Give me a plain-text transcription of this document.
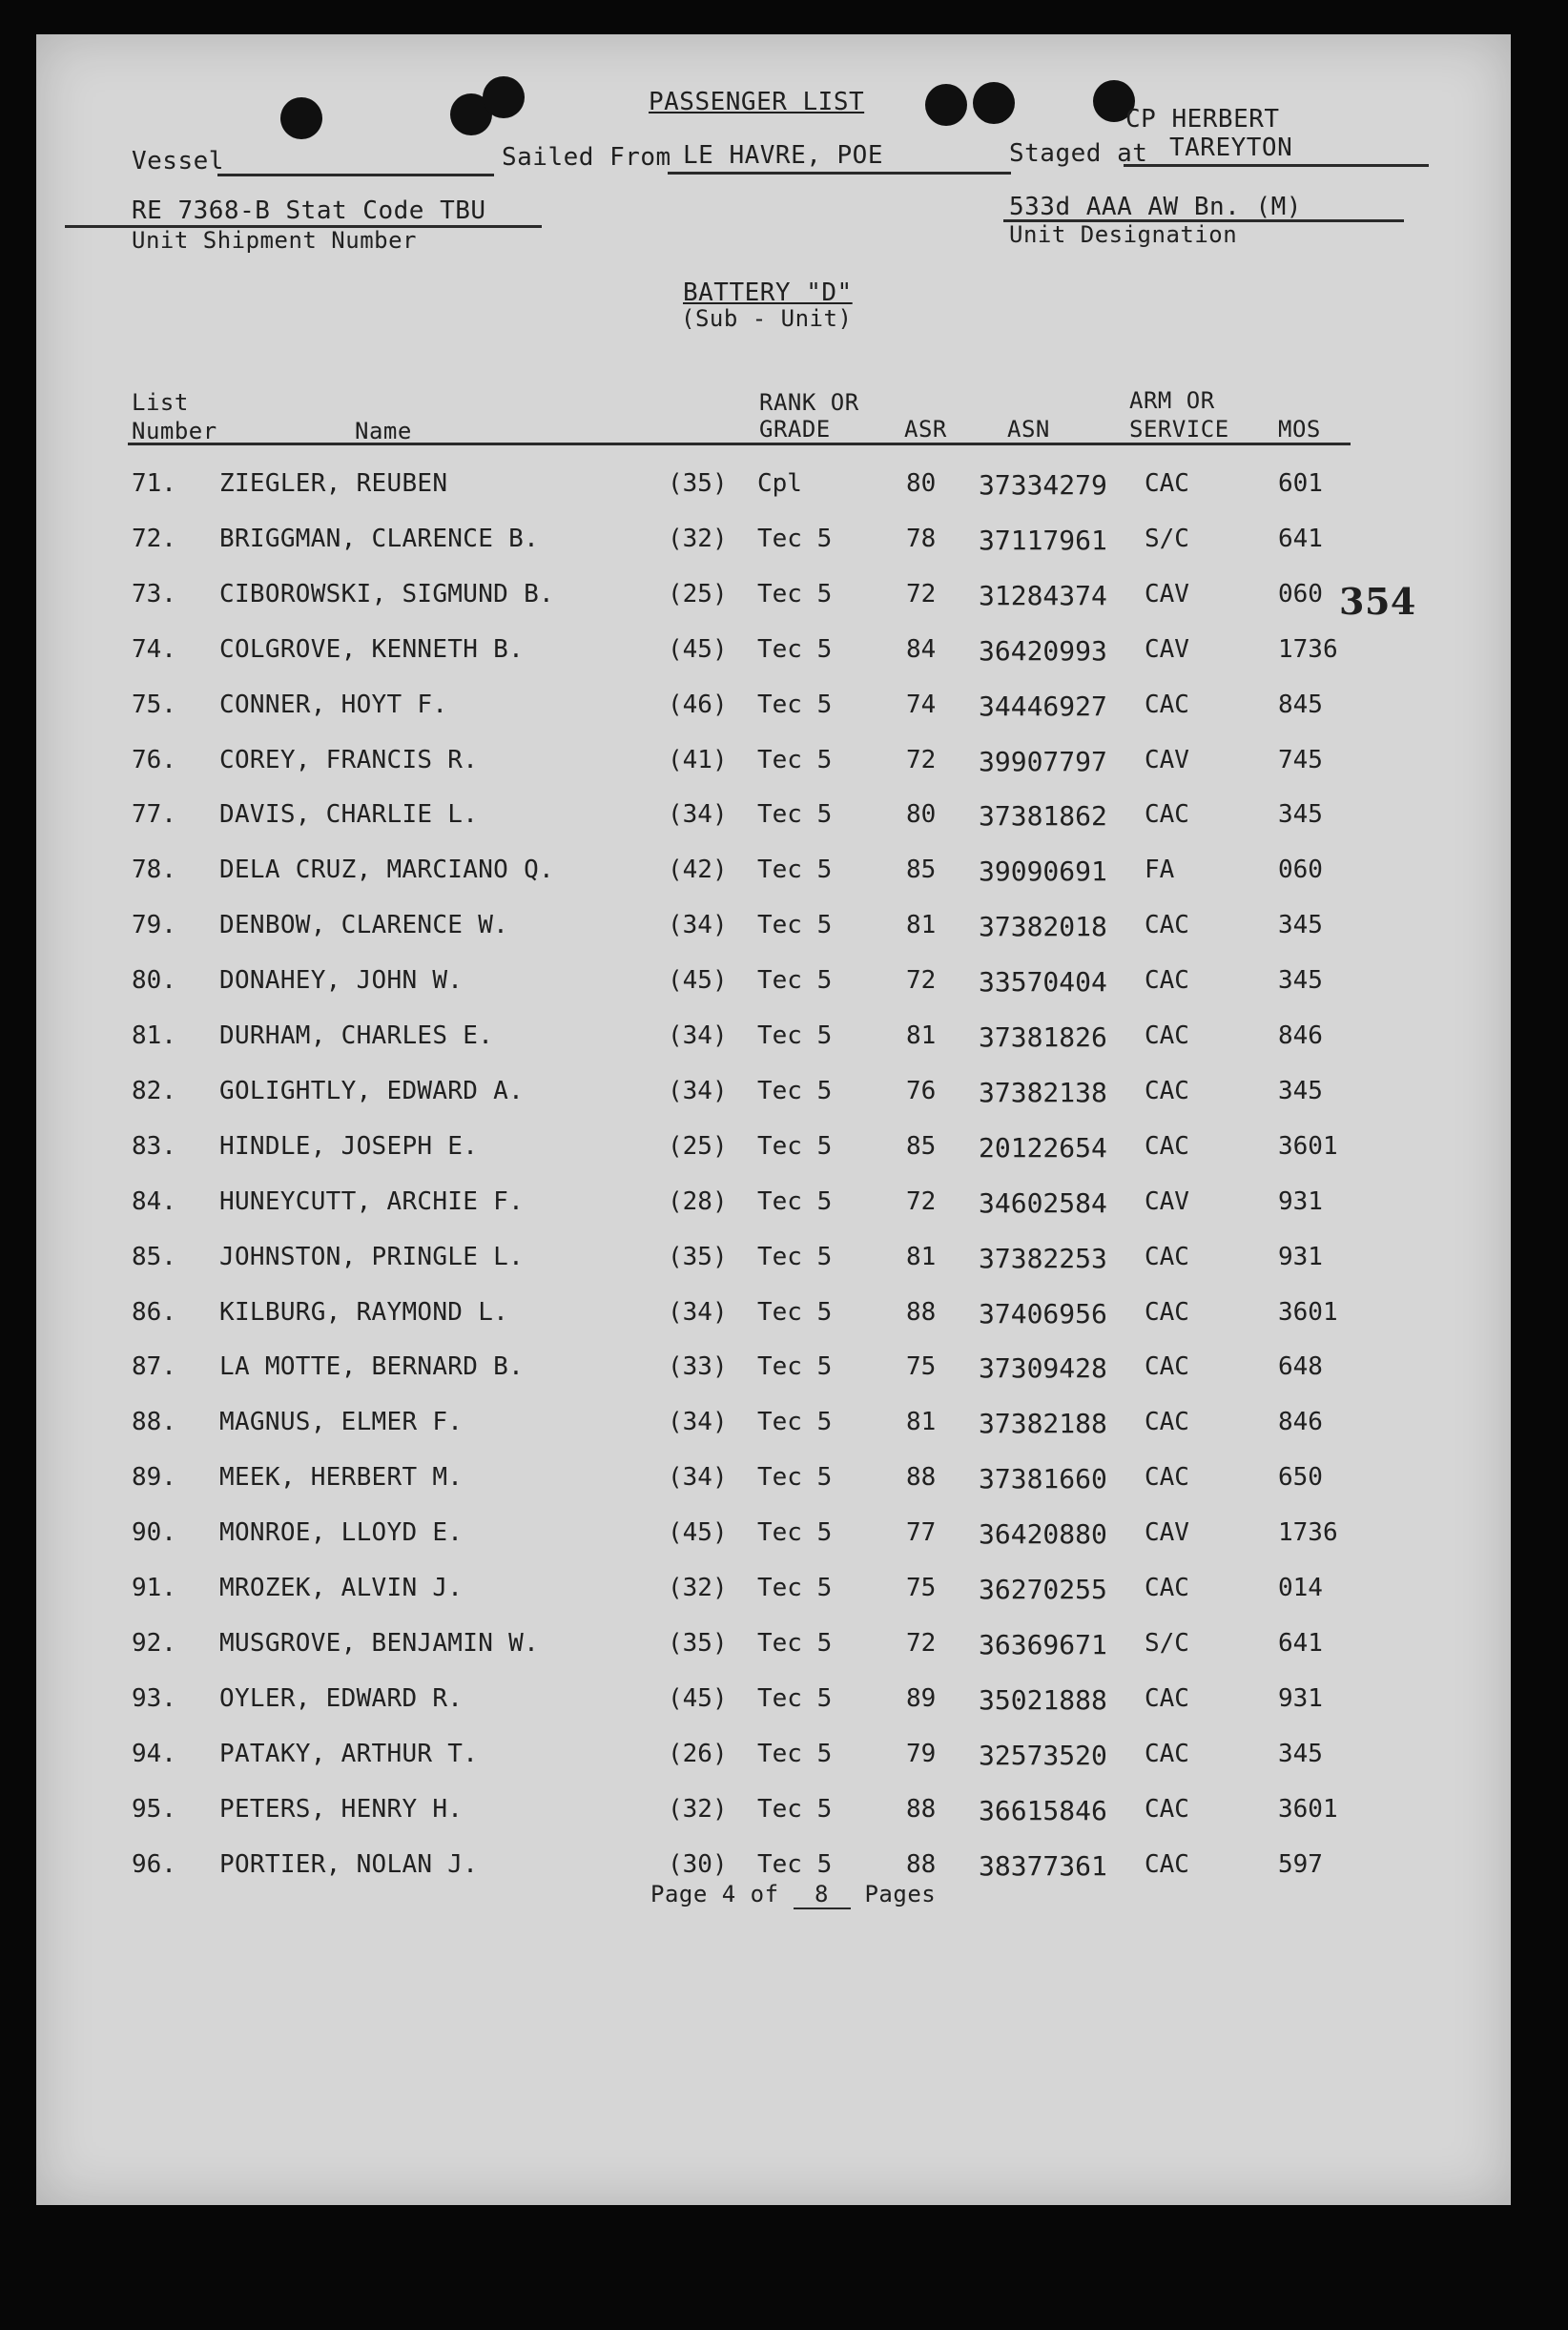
PASSENGER LIST
Vessel	Sailed From LE HAVRE, POE	Staged at
CP HERBERT
TAREYTON
RE 7368-B Stat Code TBU
Unit Shipment Number
533d AAA AW Bn. (M)
Unit Designation
BATTERY "D"
(Sub - Unit)
354
List
Number	Name
RANK OR
GRADE	ASR	ASN
ARM OR
SERVICE MOS
71. ZIEGLER, REUBEN	(35) Cpl	80 37334279 CAC	601
72. BRIGGMAN, CLARENCE B.	(32) Tec 5	78 37117961 S/C	641
73. CIBOROWSKI, SIGMUND B.	(25) Tec 5	72 31284374 CAV	060
74. COLGROVE, KENNETH B.	(45) Tec 5	84 36420993 CAV	1736
75. CONNER, HOYT F.	(46) Tec 5	74 34446927 CAC	845
76. COREY, FRANCIS R.	(41) Tec 5	72 39907797 CAV	745
77. DAVIS, CHARLIE L.	(34) Tec 5	80 37381862 CAC	345
78. DELA CRUZ, MARCIANO Q.	(42) Tec 5	85 39090691 FA	060
79. DENBOW, CLARENCE W.	(34) Tec 5	81 37382018 CAC	345
80. DONAHEY, JOHN W.	(45) Tec 5	72 33570404 CAC	345
81. DURHAM, CHARLES E.	(34) Tec 5	81 37381826 CAC	846
82. GOLIGHTLY, EDWARD A.	(34) Tec 5	76 37382138 CAC	345
83. HINDLE, JOSEPH E.	(25) Tec 5	85 20122654 CAC	3601
84. HUNEYCUTT, ARCHIE F.	(28) Tec 5	72 34602584 CAV	931
85. JOHNSTON, PRINGLE L.	(35) Tec 5	81 37382253 CAC	931
86. KILBURG, RAYMOND L.	(34) Tec 5	88 37406956 CAC	3601
87. LA MOTTE, BERNARD B.	(33) Tec 5	75 37309428 CAC	648
88. MAGNUS, ELMER F.	(34) Tec 5	81 37382188 CAC	846
89. MEEK, HERBERT M.	(34) Tec 5	88 37381660 CAC	650
90. MONROE, LLOYD E.	(45) Tec 5	77 36420880 CAV	1736
91. MROZEK, ALVIN J.	(32) Tec 5	75 36270255 CAC	014
92. MUSGROVE, BENJAMIN W.	(35) Tec 5	72 36369671 S/C	641
93. OYLER, EDWARD R.	(45) Tec 5	89 35021888 CAC	931
94. PATAKY, ARTHUR T.	(26) Tec 5	79 32573520 CAC	345
95. PETERS, HENRY H.	(32) Tec 5	88 36615846 CAC	3601
96. PORTIER, NOLAN J.	(30) Tec 5	88 38377361 CAC	597
Page 4 of 8 Pages
